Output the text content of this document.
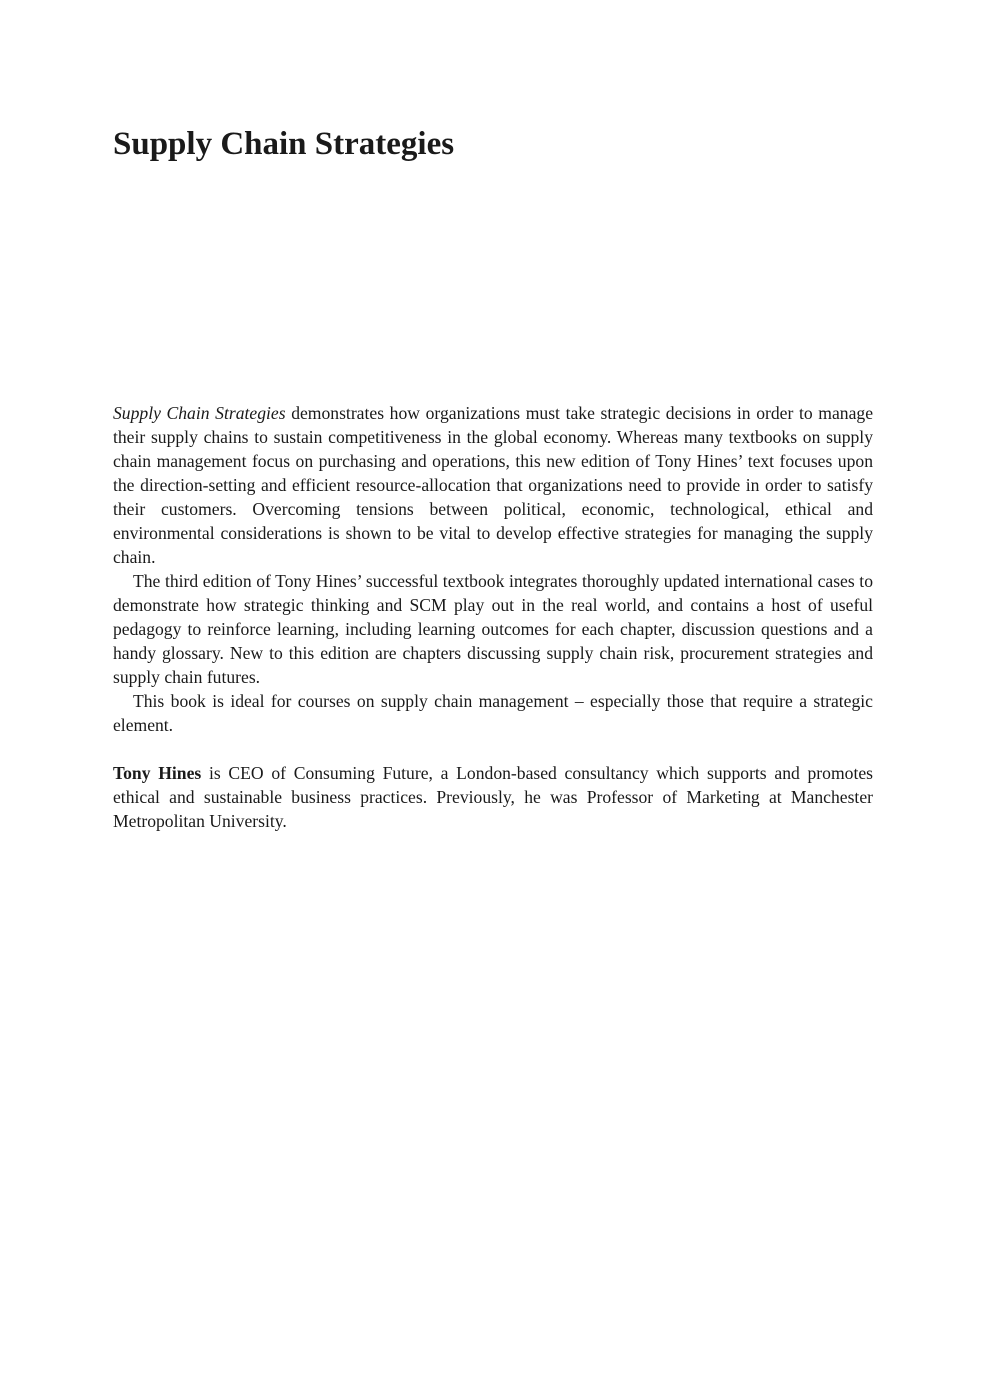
Supply Chain Strategies

Supply Chain Strategies demonstrates how organizations must take strategic decisions in order to manage their supply chains to sustain competitiveness in the global economy. Whereas many textbooks on supply chain management focus on purchasing and operations, this new edition of Tony Hines’ text focuses upon the direction-setting and efficient resource-allocation that organizations need to provide in order to satisfy their customers. Overcoming tensions between political, economic, technological, ethical and environmental considerations is shown to be vital to develop effective strategies for managing the supply chain.

The third edition of Tony Hines’ successful textbook integrates thoroughly updated international cases to demonstrate how strategic thinking and SCM play out in the real world, and contains a host of useful pedagogy to reinforce learning, including learning outcomes for each chapter, discussion questions and a handy glossary. New to this edition are chapters discussing supply chain risk, procurement strategies and supply chain futures.

This book is ideal for courses on supply chain management – especially those that require a strategic element.

Tony Hines is CEO of Consuming Future, a London-based consultancy which supports and promotes ethical and sustainable business practices. Previously, he was Professor of Marketing at Manchester Metropolitan University.
